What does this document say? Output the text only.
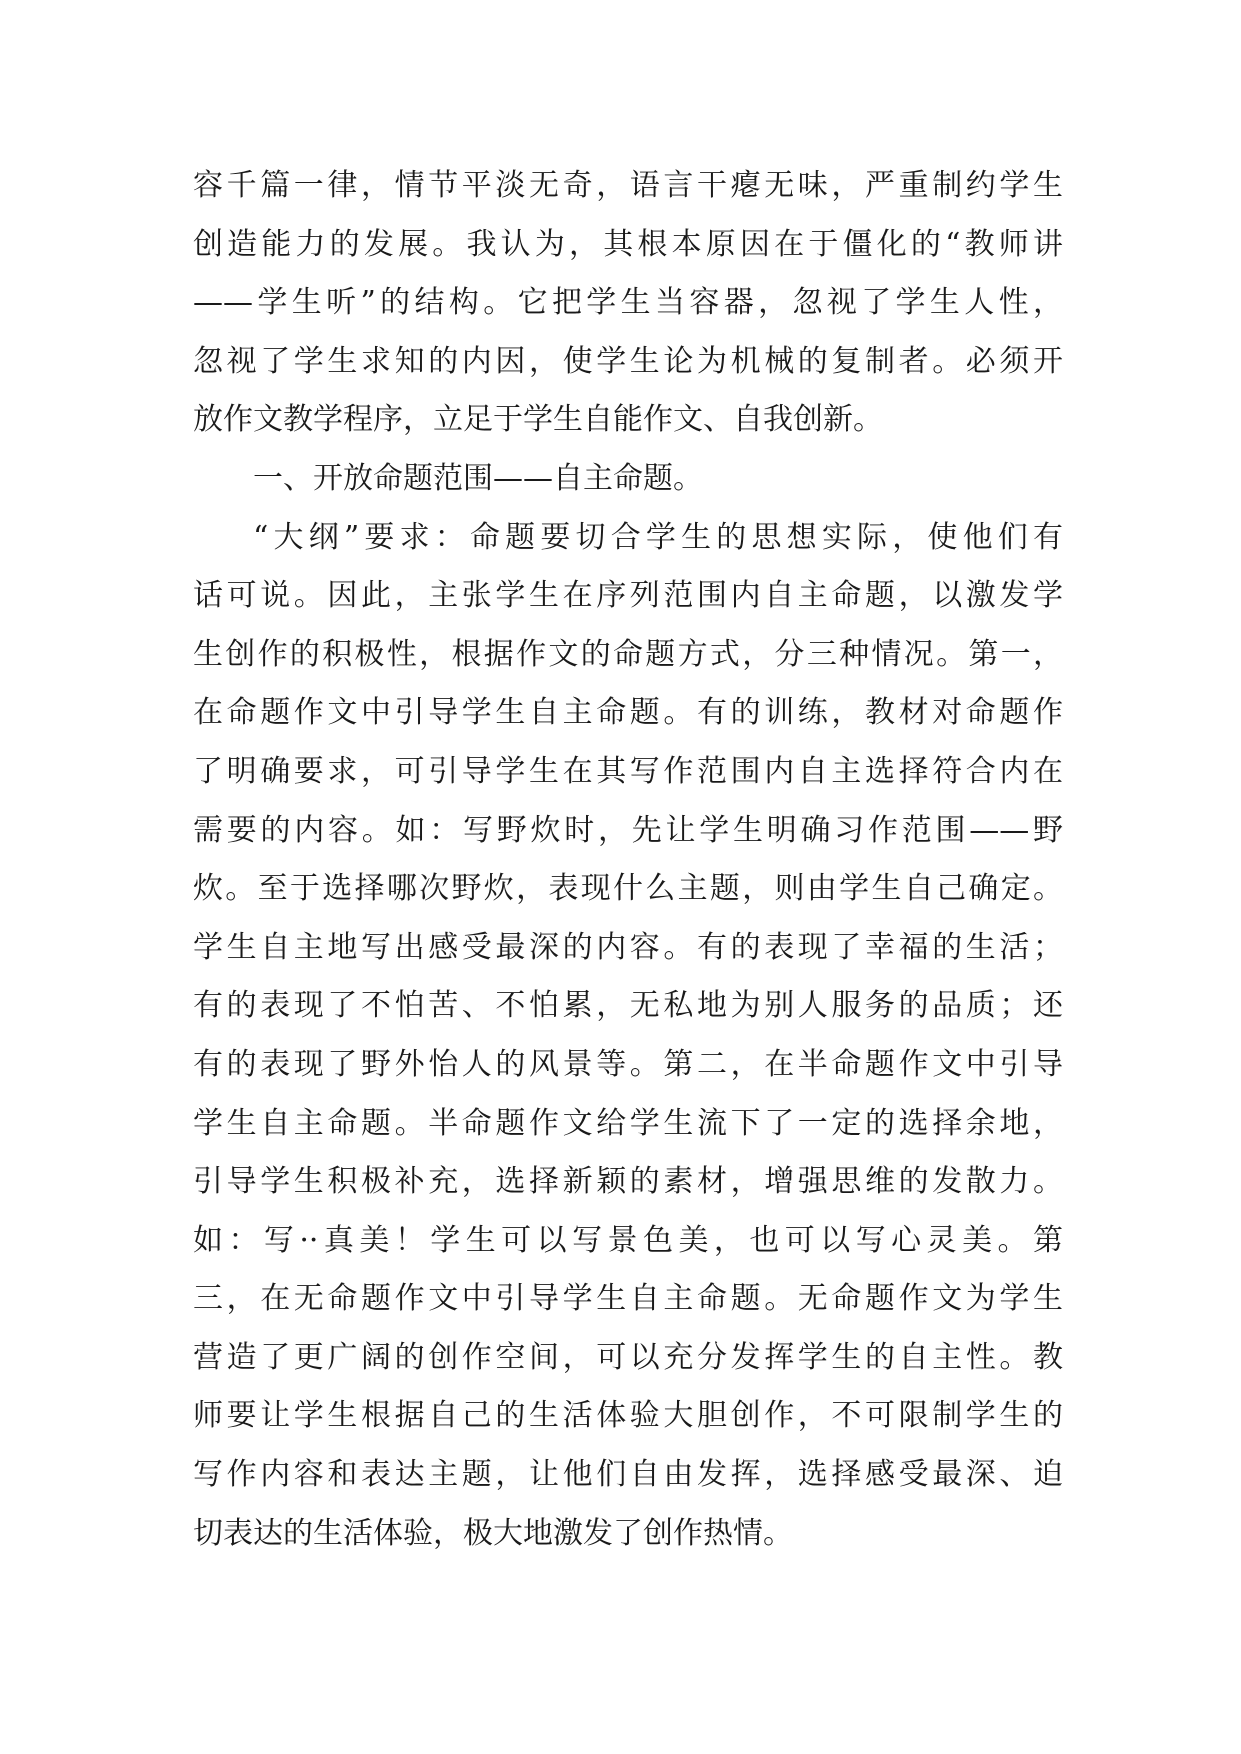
容千篇一律，情节平淡无奇，语言干瘪无味，严重制约学生
创造能力的发展。我认为，其根本原因在于僵化的“教师讲
——学生听”的结构。它把学生当容器，忽视了学生人性，
忽视了学生求知的内因，使学生论为机械的复制者。必须开
放作文教学程序，立足于学生自能作文、自我创新。
一、开放命题范围——自主命题。
“大纲”要求：命题要切合学生的思想实际，使他们有
话可说。因此，主张学生在序列范围内自主命题，以激发学
生创作的积极性，根据作文的命题方式，分三种情况。第一，
在命题作文中引导学生自主命题。有的训练，教材对命题作
了明确要求，可引导学生在其写作范围内自主选择符合内在
需要的内容。如：写野炊时，先让学生明确习作范围——野
炊。至于选择哪次野炊，表现什么主题，则由学生自己确定。
学生自主地写出感受最深的内容。有的表现了幸福的生活；
有的表现了不怕苦、不怕累，无私地为别人服务的品质；还
有的表现了野外怡人的风景等。第二，在半命题作文中引导
学生自主命题。半命题作文给学生流下了一定的选择余地，
引导学生积极补充，选择新颖的素材，增强思维的发散力。
如：写··真美！学生可以写景色美，也可以写心灵美。第
三，在无命题作文中引导学生自主命题。无命题作文为学生
营造了更广阔的创作空间，可以充分发挥学生的自主性。教
师要让学生根据自己的生活体验大胆创作，不可限制学生的
写作内容和表达主题，让他们自由发挥，选择感受最深、迫
切表达的生活体验，极大地激发了创作热情。
